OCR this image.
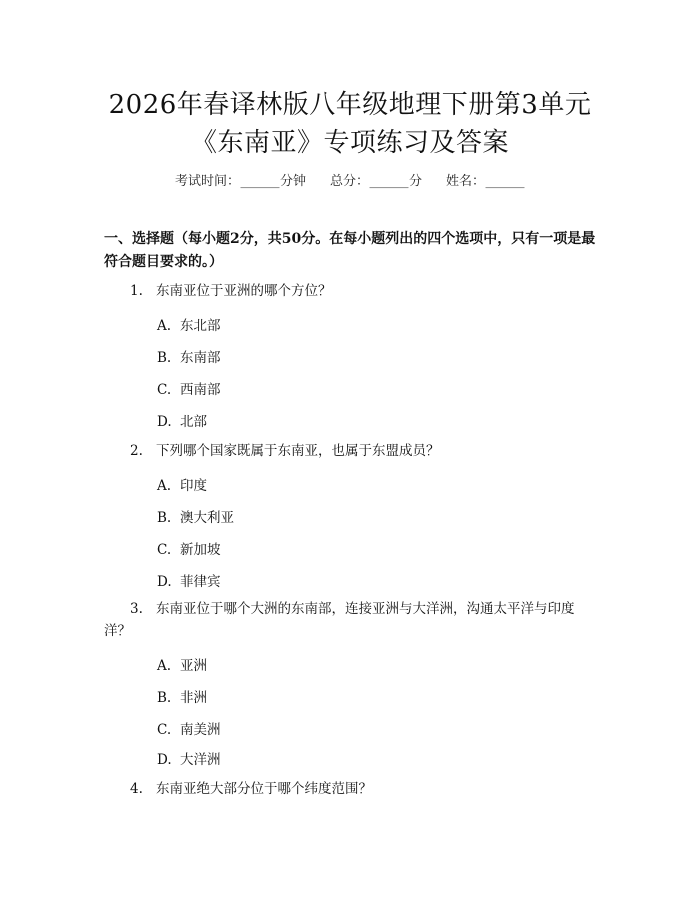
2026年春译林版八年级地理下册第3单元
《东南亚》专项练习及答案
考试时间：______分钟 总分：______分 姓名：______
一、选择题（每小题2分，共50分。在每小题列出的四个选项中，只有一项是最符合题目要求的。）
1. 东南亚位于亚洲的哪个方位？
A. 东北部
B. 东南部
C. 西南部
D. 北部
2. 下列哪个国家既属于东南亚，也属于东盟成员？
A. 印度
B. 澳大利亚
C. 新加坡
D. 菲律宾
3. 东南亚位于哪个大洲的东南部，连接亚洲与大洋洲，沟通太平洋与印度洋？
A. 亚洲
B. 非洲
C. 南美洲
D. 大洋洲
4. 东南亚绝大部分位于哪个纬度范围？
